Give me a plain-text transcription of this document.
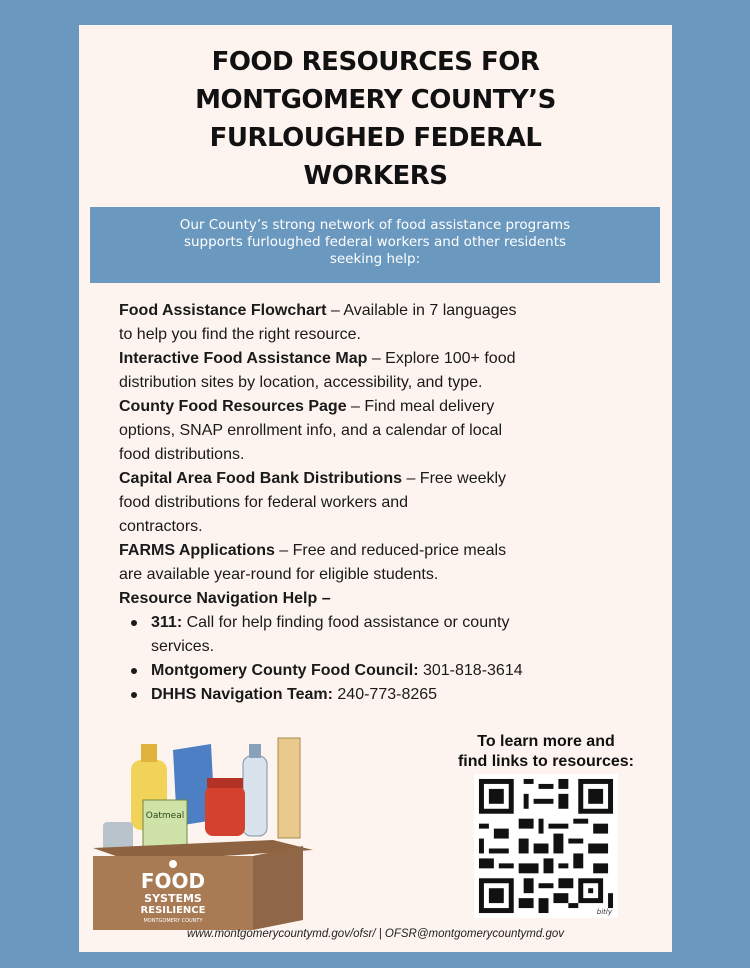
FOOD RESOURCES FOR
MONTGOMERY COUNTY’S
FURLOUGHED FEDERAL
WORKERS
Our County’s strong network of food assistance programs
supports furloughed federal workers and other residents
seeking help:
Food Assistance Flowchart – Available in 7 languages
to help you find the right resource.
Interactive Food Assistance Map – Explore 100+ food
distribution sites by location, accessibility, and type.
County Food Resources Page – Find meal delivery
options, SNAP enrollment info, and a calendar of local
food distributions.
Capital Area Food Bank Distributions – Free weekly
food distributions for federal workers and
contractors.
FARMS Applications – Free and reduced-price meals
are available year-round for eligible students.
Resource Navigation Help –
311: Call for help finding food assistance or county
services.
Montgomery County Food Council: 301-818-3614
DHHS Navigation Team: 240-773-8265
Oatmeal
FOOD
SYSTEMS
RESILIENCE
MONTGOMERY COUNTY
To learn more and
find links to resources:
bitly
www.montgomerycountymd.gov/ofsr/ | OFSR@montgomerycountymd.gov
